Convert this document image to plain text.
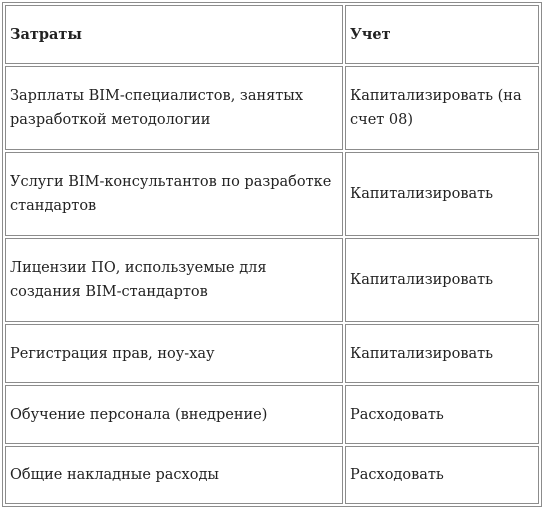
Затраты	Учет
Зарплаты BIM-специалистов, занятых разработкой методологии	Капитализировать (на счет 08)
Услуги BIM-консультантов по разработке стандартов	Капитализировать
Лицензии ПО, используемые для создания BIM-стандартов	Капитализировать
Регистрация прав, ноу-хау	Капитализировать
Обучение персонала (внедрение)	Расходовать
Общие накладные расходы	Расходовать
